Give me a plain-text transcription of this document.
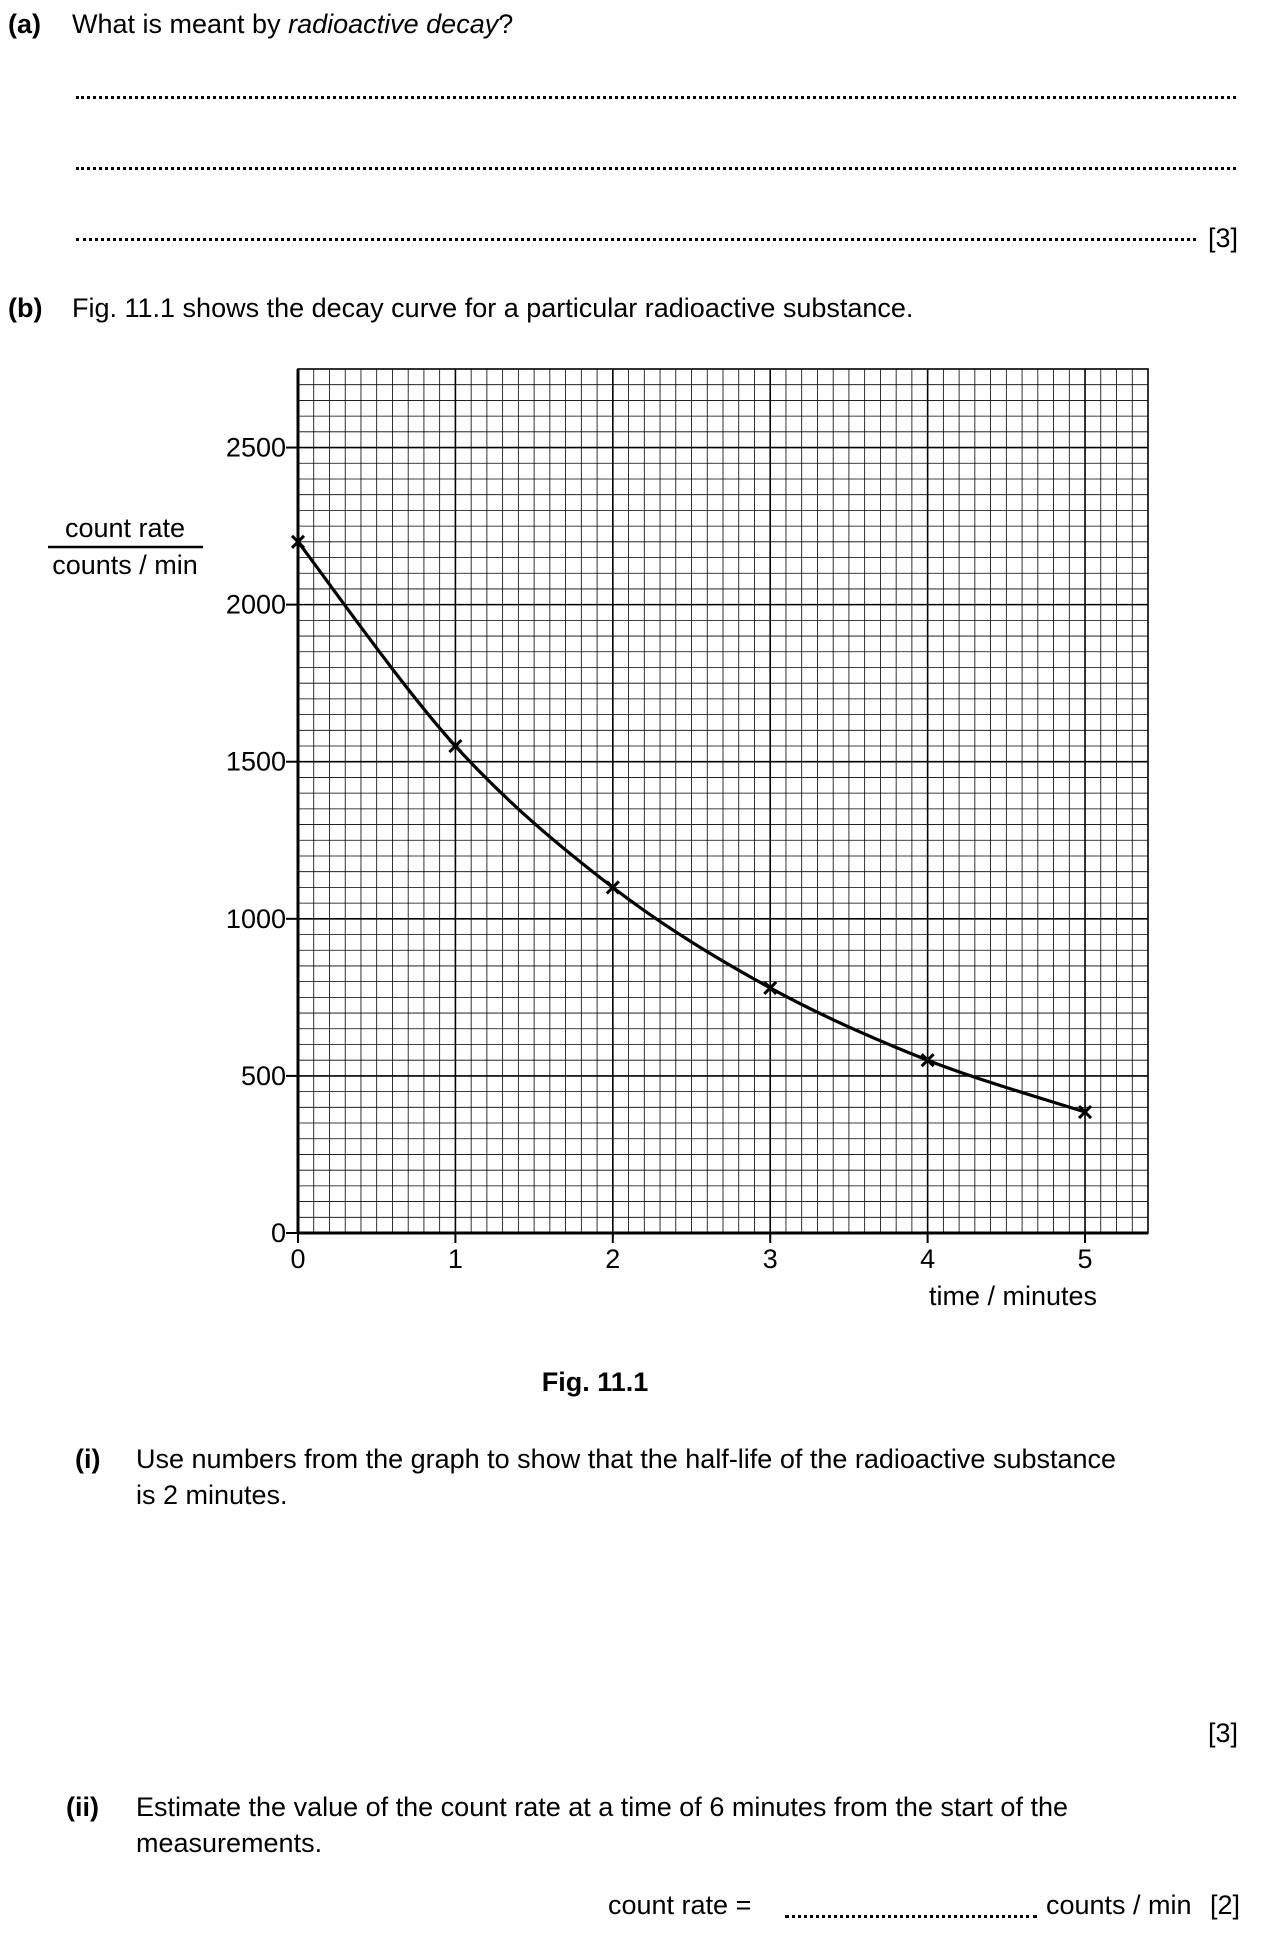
(a) What is meant by radioactive decay?
[3]
(b) Fig. 11.1 shows the decay curve for a particular radioactive substance.
0
500
1000
1500
2000
2500
0	1	2	3	4	5
count rate
counts / min
time / minutes
Fig. 11.1
(i) Use numbers from the graph to show that the half-life of the radioactive substance
is 2 minutes.
[3]
(ii) Estimate the value of the count rate at a time of 6 minutes from the start of the
measurements.
count rate =	counts / min [2]
